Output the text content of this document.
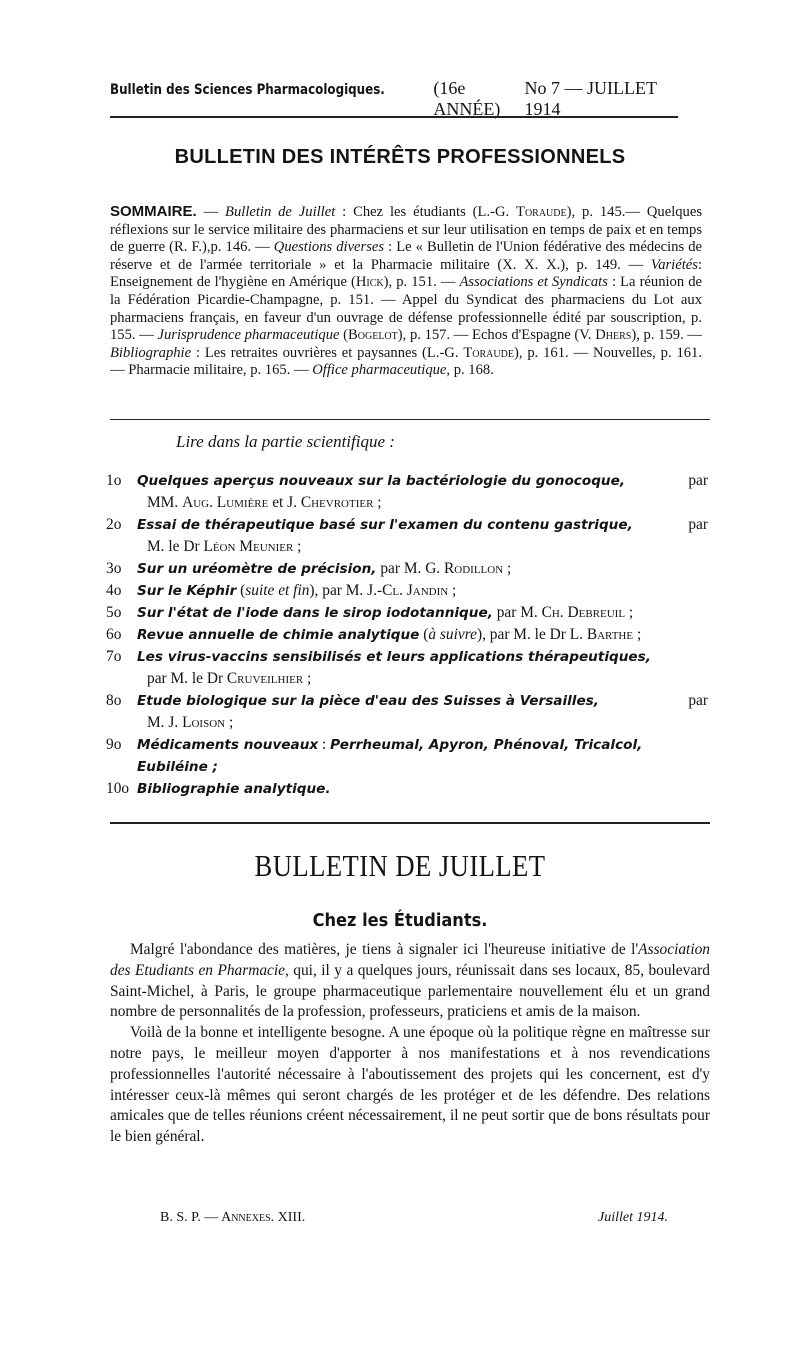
Bulletin des Sciences Pharmacologiques.	(16e ANNÉE)
No 7 — JUILLET 1914
BULLETIN DES INTÉRÊTS PROFESSIONNELS
SOMMAIRE. — Bulletin de Juillet : Chez les étudiants (L.-G. Toraude), p. 145.— Quelques réflexions sur le service militaire des pharmaciens et sur leur utilisation en temps de paix et en temps de guerre (R. F.),p. 146. — Questions diverses : Le « Bulletin de l'Union fédérative des médecins de réserve et de l'armée territoriale » et la Pharmacie militaire (X. X. X.), p. 149. — Variétés: Enseignement de l'hygiène en Amérique (Hick), p. 151. — Associations et Syndicats : La réunion de la Fédération Picardie-Champagne, p. 151. — Appel du Syndicat des pharmaciens du Lot aux pharmaciens français, en faveur d'un ouvrage de défense professionnelle édité par souscription, p. 155. — Jurisprudence pharmaceutique (Bogelot), p. 157. — Echos d'Espagne (V. Dhers), p. 159. — Bibliographie : Les retraites ouvrières et paysannes (L.-G. Toraude), p. 161. — Nouvelles, p. 161. — Pharmacie militaire, p. 165. — Office pharmaceutique, p. 168.
Lire dans la partie scientifique :
1o	Quelques aperçus nouveaux sur la bactériologie du gonocoque,	par
MM. Aug. Lumière et J. Chevrotier ;
2o	Essai de thérapeutique basé sur l'examen du contenu gastrique,	par
M. le Dr Léon Meunier ;
3o	Sur un uréomètre de précision, par M. G. Rodillon ;
4o	Sur le Képhir (suite et fin), par M. J.-Cl. Jandin ;
5o	Sur l'état de l'iode dans le sirop iodotannique, par M. Ch. Debreuil ;
6o	Revue annuelle de chimie analytique (à suivre), par M. le Dr L. Barthe ;
7o	Les virus-vaccins sensibilisés et leurs applications thérapeutiques,
par M. le Dr Cruveilhier ;
8o	Etude biologique sur la pièce d'eau des Suisses à Versailles,	par
M. J. Loison ;
9o	Médicaments nouveaux : Perrheumal, Apyron, Phénoval, Tricalcol, Eubiléine ;
10o Bibliographie analytique.
BULLETIN DE JUILLET
Chez les Étudiants.

Malgré l'abondance des matières, je tiens à signaler ici l'heureuse initiative de l'Association des Etudiants en Pharmacie, qui, il y a quelques jours, réunissait dans ses locaux, 85, boulevard Saint-Michel, à Paris, le groupe pharmaceutique parlementaire nouvellement élu et un grand nombre de personnalités de la profession, professeurs, praticiens et amis de la maison.

Voilà de la bonne et intelligente besogne. A une époque où la politique règne en maîtresse sur notre pays, le meilleur moyen d'apporter à nos manifestations et à nos revendications professionnelles l'autorité nécessaire à l'aboutissement des projets qui les concernent, est d'y intéresser ceux-là mêmes qui seront chargés de les protéger et de les défendre. Des relations amicales que de telles réunions créent nécessairement, il ne peut sortir que de bons résultats pour le bien général.

B. S. P. — Annexes. XIII.	Juillet 1914.
